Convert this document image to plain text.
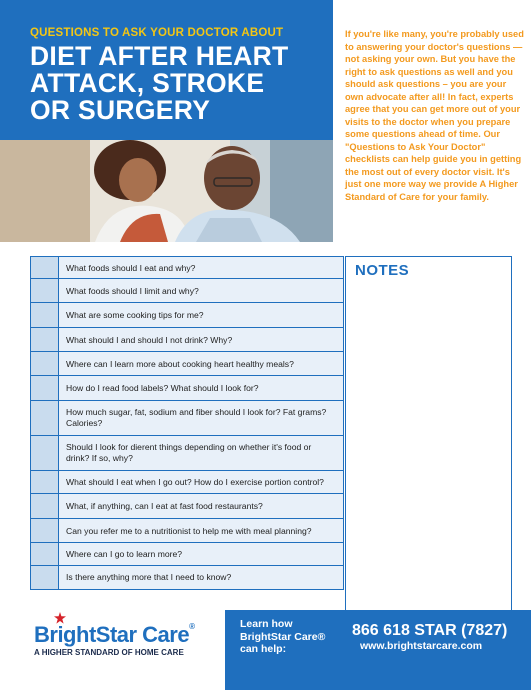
QUESTIONS TO ASK YOUR DOCTOR ABOUT
DIET AFTER HEART
ATTACK, STROKE
OR SURGERY
If you're like many, you're probably used to answering your doctor's questions — not asking your own. But you have the right to ask questions as well and you should ask questions – you are your own advocate after all! In fact, experts agree that you can get more out of your visits to the doctor when you prepare some questions ahead of time. Our "Questions to Ask Your Doctor" checklists can help guide you in getting the most out of every doctor visit. It's just one more way we provide A Higher Standard of Care for your family.
What foods should I eat and why?
What foods should I limit and why?
What are some cooking tips for me?
What should I and should I not drink? Why?
Where can I learn more about cooking heart healthy meals?
How do I read food labels? What should I look for?
How much sugar, fat, sodium and fiber should I look for? Fat grams? Calories?
Should I look for dierent things depending on whether it's food or drink? If so, why?
What should I eat when I go out? How do I exercise portion control?
What, if anything, can I eat at fast food restaurants?
Can you refer me to a nutritionist to help me with meal planning?
Where can I go to learn more?
Is there anything more that I need to know?
NOTES
BrightStar Care®
A HIGHER STANDARD OF HOME CARE
Learn how
BrightStar Care®
can help:
866 618 STAR (7827)
www.brightstarcare.com
